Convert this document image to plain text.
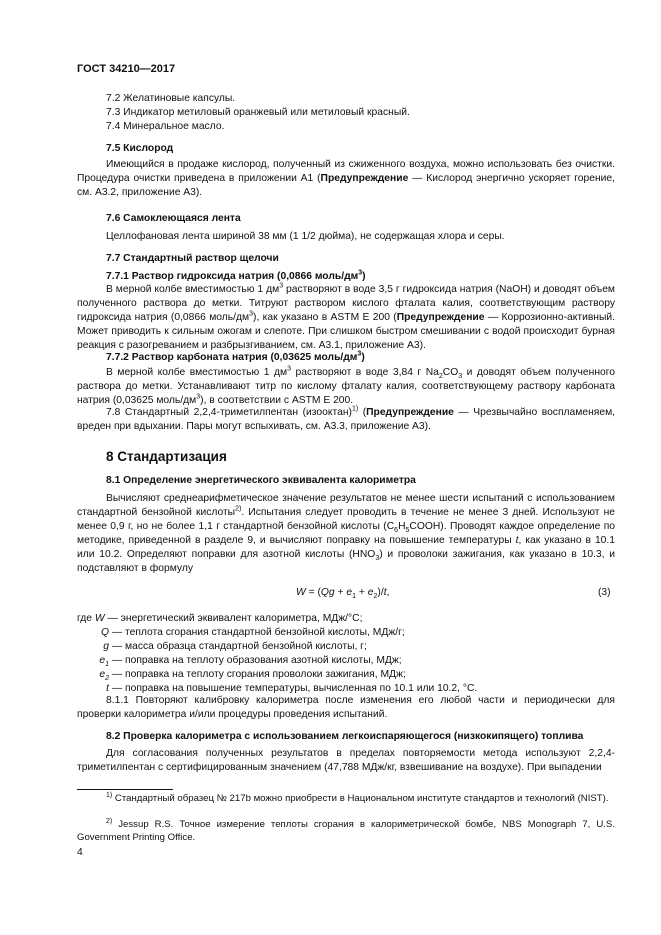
ГОСТ 34210—2017
7.2 Желатиновые капсулы.
7.3 Индикатор метиловый оранжевый или метиловый красный.
7.4 Минеральное масло.
7.5 Кислород

Имеющийся в продаже кислород, полученный из сжиженного воздуха, можно использовать без очистки. Процедура очистки приведена в приложении А1 (Предупреждение — Кислород энергично ускоряет горение, см. А3.2, приложение А3).

7.6 Самоклеющаяся лента

Целлофановая лента шириной 38 мм (1 1/2 дюйма), не содержащая хлора и серы.

7.7 Стандартный раствор щелочи
7.7.1 Раствор гидроксида натрия (0,0866 моль/$дм^3$)

В мерной колбе вместимостью 1 $дм^3$ растворяют в воде 3,5 г гидроксида натрия (NaOH) и доводят объем полученного раствора до метки. Титруют раствором кислого фталата калия, соответствующим раствору гидроксида натрия (0,0866 моль/$дм^3$), как указано в ASTM E 200 (Предупреждение — Коррозионно-активный. Может приводить к сильным ожогам и слепоте. При слишком быстром смешивании с водой происходит бурная реакция с разогреванием и разбрызгиванием, см. А3.1, приложение А3).

7.7.2 Раствор карбоната натрия (0,03625 моль/$дм^3$)

В мерной колбе вместимостью 1 $дм^3$ растворяют в воде 3,84 г $Na_2CO_3$ и доводят объем полученного раствора до метки. Устанавливают титр по кислому фталату калия, соответствующему раствору карбоната натрия (0,03625 моль/$дм^3$), в соответствии с ASTM E 200.

7.8 Стандартный 2,2,4-триметилпентан (изооктан)$^{1)}$ (Предупреждение — Чрезвычайно воспламеняем, вреден при вдыхании. Пары могут вспыхивать, см. А3.3, приложение А3).

8 Стандартизация
8.1 Определение энергетического эквивалента калориметра

Вычисляют среднеарифметическое значение результатов не менее шести испытаний с использованием стандартной бензойной кислоты$^{2)}$. Испытания следует проводить в течение не менее 3 дней. Используют не менее 0,9 г, но не более 1,1 г стандартной бензойной кислоты $(C_6H_5COOH)$. Проводят каждое определение по методике, приведенной в разделе 9, и вычисляют поправку на повышение температуры t, как указано в 10.1 или 10.2. Определяют поправки для азотной кислоты $(HNO_3)$ и проволоки зажигания, как указано в 10.3, и подставляют в формулу

$W = (Qg + e_1 + e_2)/t$,	(3)
где W — энергетический эквивалент калориметра, МДж/°С;
Q — теплота сгорания стандартной бензойной кислоты, МДж/г;
g — масса образца стандартной бензойной кислоты, г;
$e_1$ — поправка на теплоту образования азотной кислоты, МДж;
$e_2$ — поправка на теплоту сгорания проволоки зажигания, МДж;
t — поправка на повышение температуры, вычисленная по 10.1 или 10.2, °С.

8.1.1 Повторяют калибровку калориметра после изменения его любой части и периодически для проверки калориметра и/или процедуры проведения испытаний.

8.2 Проверка калориметра с использованием легкоиспаряющегося (низкокипящего) топлива

Для согласования полученных результатов в пределах повторяемости метода используют 2,2,4-триметилпентан с сертифицированным значением (47,788 МДж/кг, взвешивание на воздухе). При выпадении

$^{1)}$ Стандартный образец № 217b можно приобрести в Национальном институте стандартов и технологий (NIST).

$^{2)}$ Jessup R.S. Точное измерение теплоты сгорания в калориметрической бомбе, NBS Monograph 7, U.S. Government Printing Office.

4
